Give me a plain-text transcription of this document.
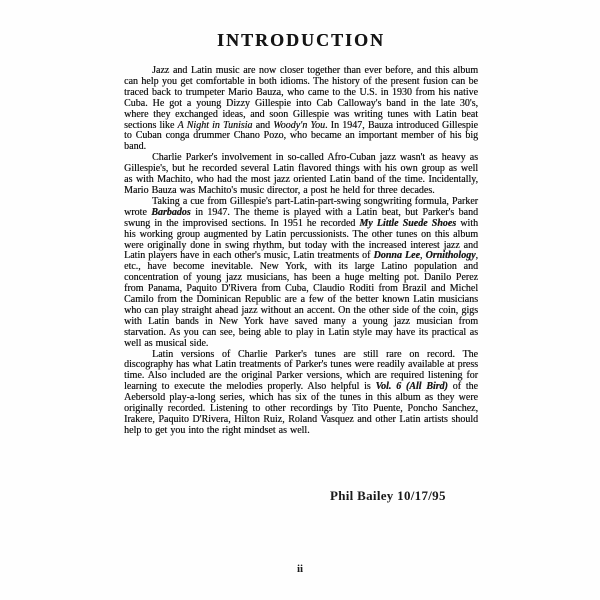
INTRODUCTION

Jazz and Latin music are now closer together than ever before, and this album can help you get comfortable in both idioms. The history of the present fusion can be traced back to trumpeter Mario Bauza, who came to the U.S. in 1930 from his native Cuba. He got a young Dizzy Gillespie into Cab Calloway's band in the late 30's, where they exchanged ideas, and soon Gillespie was writing tunes with Latin beat sections like A Night in Tunisia and Woody'n You. In 1947, Bauza introduced Gillespie to Cuban conga drummer Chano Pozo, who became an important member of his big band.

Charlie Parker's involvement in so-called Afro-Cuban jazz wasn't as heavy as Gillespie's, but he recorded several Latin flavored things with his own group as well as with Machito, who had the most jazz oriented Latin band of the time. Incidentally, Mario Bauza was Machito's music director, a post he held for three decades.

Taking a cue from Gillespie's part-Latin-part-swing songwriting formula, Parker wrote Barbados in 1947. The theme is played with a Latin beat, but Parker's band swung in the improvised sections. In 1951 he recorded My Little Suede Shoes with his working group augmented by Latin percussionists. The other tunes on this album were originally done in swing rhythm, but today with the increased interest jazz and Latin players have in each other's music, Latin treatments of Donna Lee, Ornithology, etc., have become inevitable. New York, with its large Latino population and concentration of young jazz musicians, has been a huge melting pot. Danilo Perez from Panama, Paquito D'Rivera from Cuba, Claudio Roditi from Brazil and Michel Camilo from the Dominican Republic are a few of the better known Latin musicians who can play straight ahead jazz without an accent. On the other side of the coin, gigs with Latin bands in New York have saved many a young jazz musician from starvation. As you can see, being able to play in Latin style may have its practical as well as musical side.

Latin versions of Charlie Parker's tunes are still rare on record. The discography has what Latin treatments of Parker's tunes were readily available at press time. Also included are the original Parker versions, which are required listening for learning to execute the melodies properly. Also helpful is Vol. 6 (All Bird) of the Aebersold play-a-long series, which has six of the tunes in this album as they were originally recorded. Listening to other recordings by Tito Puente, Poncho Sanchez, Irakere, Paquito D'Rivera, Hilton Ruiz, Roland Vasquez and other Latin artists should help to get you into the right mindset as well.

Phil Bailey 10/17/95
ii
